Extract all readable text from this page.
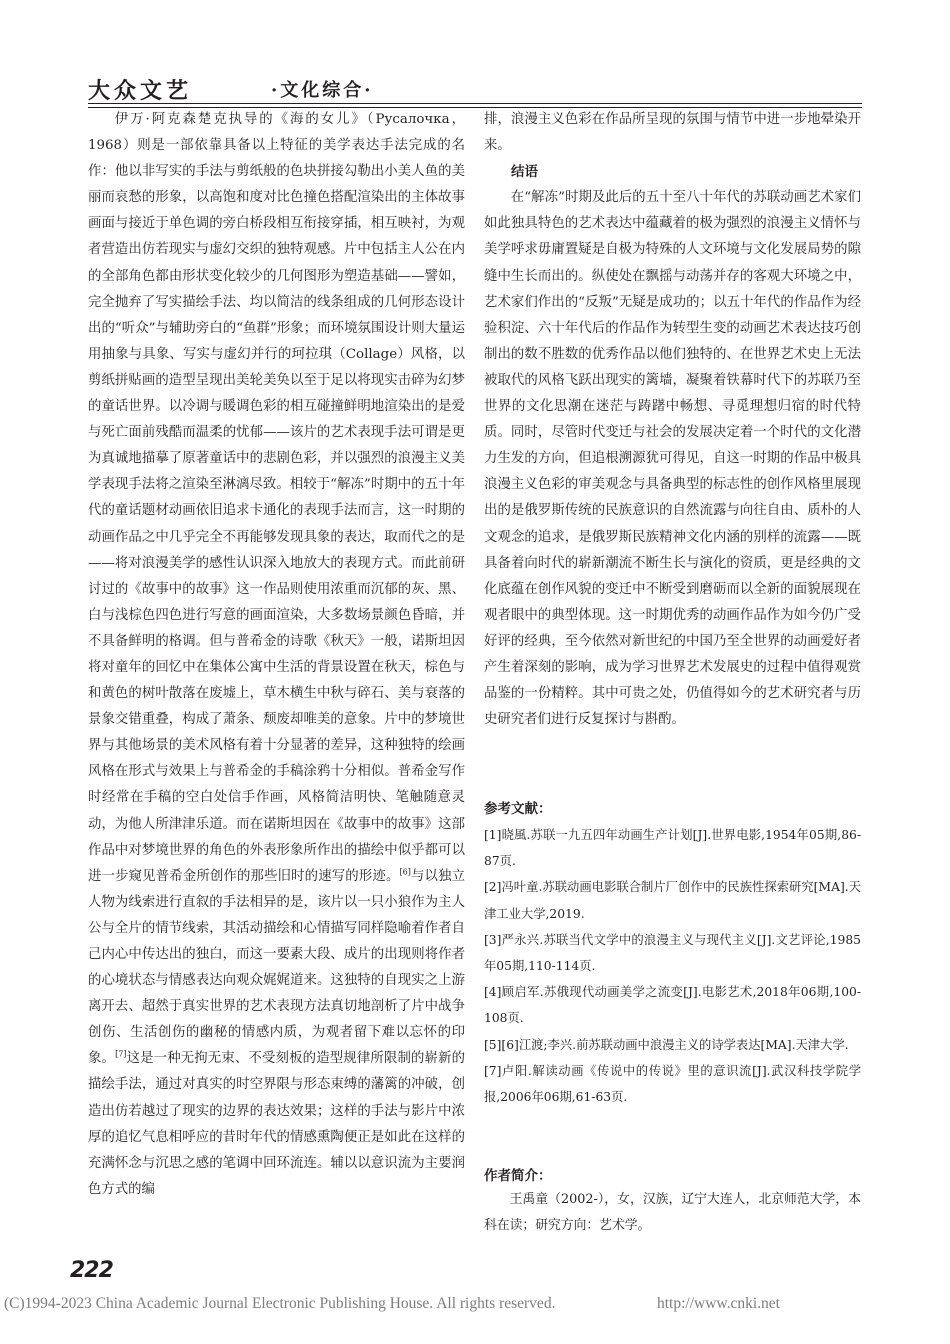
大众文艺	·文化综合·

伊万·阿克森楚克执导的《海的女儿》（Русалочка，1968）则是一部依靠具备以上特征的美学表达手法完成的名作：他以非写实的手法与剪纸般的色块拼接勾勒出小美人鱼的美丽而哀愁的形象，以高饱和度对比色撞色搭配渲染出的主体故事画面与接近于单色调的旁白桥段相互衔接穿插，相互映衬，为观者营造出仿若现实与虚幻交织的独特观感。片中包括主人公在内的全部角色都由形状变化较少的几何图形为塑造基础——譬如，完全抛弃了写实描绘手法、均以简洁的线条组成的几何形态设计出的“听众”与辅助旁白的“鱼群”形象；而环境氛围设计则大量运用抽象与具象、写实与虚幻并行的珂拉琪（Collage）风格，以剪纸拼贴画的造型呈现出美轮美奂以至于足以将现实击碎为幻梦的童话世界。以冷调与暖调色彩的相互碰撞鲜明地渲染出的是爱与死亡面前残酷而温柔的忧郁——该片的艺术表现手法可谓是更为真诚地描摹了原著童话中的悲剧色彩，并以强烈的浪漫主义美学表现手法将之渲染至淋漓尽致。相较于“解冻”时期中的五十年代的童话题材动画依旧追求卡通化的表现手法而言，这一时期的动画作品之中几乎完全不再能够发现具象的表达，取而代之的是——将对浪漫美学的感性认识深入地放大的表现方式。而此前研讨过的《故事中的故事》这一作品则使用浓重而沉郁的灰、黑、白与浅棕色四色进行写意的画面渲染，大多数场景颜色昏暗，并不具备鲜明的格调。但与普希金的诗歌《秋天》一般，诺斯坦因将对童年的回忆中在集体公寓中生活的背景设置在秋天，棕色与和黄色的树叶散落在废墟上，草木横生中秋与碎石、美与衰落的景象交错重叠，构成了萧条、颓废却唯美的意象。片中的梦境世界与其他场景的美术风格有着十分显著的差异，这种独特的绘画风格在形式与效果上与普希金的手稿涂鸦十分相似。普希金写作时经常在手稿的空白处信手作画，风格简洁明快、笔触随意灵动，为他人所津津乐道。而在诺斯坦因在《故事中的故事》这部作品中对梦境世界的角色的外表形象所作出的描绘中似乎都可以进一步窥见普希金所创作的那些旧时的速写的形迹。[6]与以独立人物为线索进行直叙的手法相异的是，该片以一只小狼作为主人公与全片的情节线索，其活动描绘和心情描写同样隐喻着作者自己内心中传达出的独白，而这一要素大段、成片的出现则将作者的心境状态与情感表达向观众娓娓道来。这独特的自现实之上游离开去、超然于真实世界的艺术表现方法真切地剖析了片中战争创伤、生活创伤的幽秘的情感内质，为观者留下难以忘怀的印象。[7]这是一种无拘无束、不受刻板的造型规律所限制的崭新的描绘手法，通过对真实的时空界限与形态束缚的藩篱的冲破，创造出仿若越过了现实的边界的表达效果；这样的手法与影片中浓厚的追忆气息相呼应的昔时年代的情感熏陶便正是如此在这样的充满怀念与沉思之感的笔调中回环流连。辅以以意识流为主要润色方式的编

排，浪漫主义色彩在作品所呈现的氛围与情节中进一步地晕染开来。

结语

在“解冻”时期及此后的五十至八十年代的苏联动画艺术家们如此独具特色的艺术表达中蕴藏着的极为强烈的浪漫主义情怀与美学呼求毋庸置疑是自极为特殊的人文环境与文化发展局势的隙缝中生长而出的。纵使处在飘摇与动荡并存的客观大环境之中，艺术家们作出的“反叛”无疑是成功的；以五十年代的作品作为经验积淀、六十年代后的作品作为转型生变的动画艺术表达技巧创制出的数不胜数的优秀作品以他们独特的、在世界艺术史上无法被取代的风格飞跃出现实的篱墙，凝聚着铁幕时代下的苏联乃至世界的文化思潮在迷茫与踌躇中畅想、寻觅理想归宿的时代特质。同时，尽管时代变迁与社会的发展决定着一个时代的文化潜力生发的方向，但追根溯源犹可得见，自这一时期的作品中极具浪漫主义色彩的审美观念与具备典型的标志性的创作风格里展现出的是俄罗斯传统的民族意识的自然流露与向往自由、质朴的人文观念的追求，是俄罗斯民族精神文化内涵的别样的流露——既具备着向时代的崭新潮流不断生长与演化的资质，更是经典的文化底蕴在创作风貌的变迁中不断受到磨砺而以全新的面貌展现在观者眼中的典型体现。这一时期优秀的动画作品作为如今仍广受好评的经典，至今依然对新世纪的中国乃至全世界的动画爱好者产生着深刻的影响，成为学习世界艺术发展史的过程中值得观赏品鉴的一份精粹。其中可贵之处，仍值得如今的艺术研究者与历史研究者们进行反复探讨与斟酌。

参考文献：

[1]晓風.苏联一九五四年动画生产计划[J].世界电影,1954年05期,86-87页.

[2]冯叶童.苏联动画电影联合制片厂创作中的民族性探索研究[MA].天津工业大学,2019.

[3]严永兴.苏联当代文学中的浪漫主义与现代主义[J].文艺评论,1985年05期,110-114页.

[4]顾启军.苏俄现代动画美学之流变[J].电影艺术,2018年06期,100-108页.

[5][6]江渡;李兴.前苏联动画中浪漫主义的诗学表达[MA].天津大学.

[7]卢阳.解读动画《传说中的传说》里的意识流[J].武汉科技学院学报,2006年06期,61-63页.

作者简介：
王禹童（2002-），女，汉族，辽宁大连人，北京师范大学，本科在读；研究方向：艺术学。
222
(C)1994-2023 China Academic Journal Electronic Publishing House. All rights reserved.	http://www.cnki.net
